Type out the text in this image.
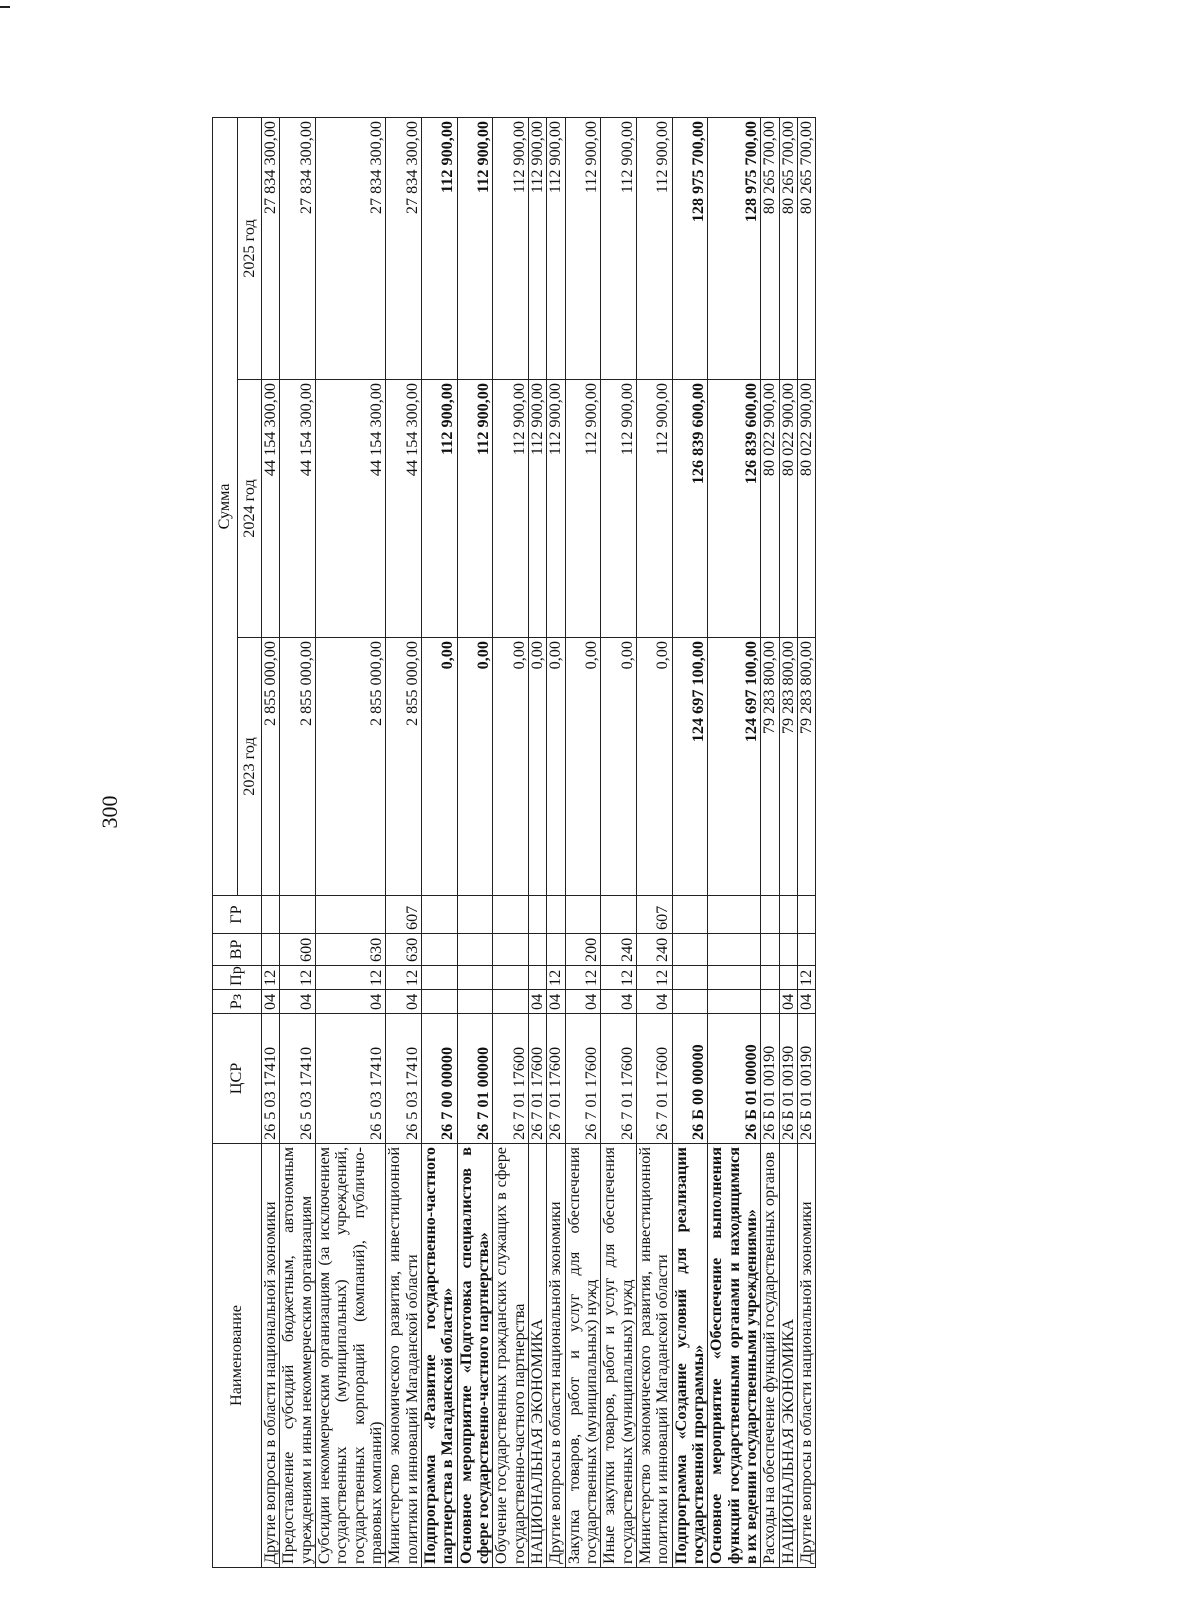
300
Наименование	ЦСР	Рз	Пр	ВР	ГР	Сумма		
						2023 год	2024 год	2025 год
Другие вопросы в области национальной экономики	26 5 03 17410	04	12			2 855 000,00	44 154 300,00	27 834 300,00
Предоставление субсидий бюджетным, автономным учреждениям и иным некоммерческим организациям	26 5 03 17410	04	12	600		2 855 000,00	44 154 300,00	27 834 300,00
Субсидии некоммерческим организациям (за исключением государственных (муниципальных) учреждений, государственных корпораций (компаний), публично-правовых компаний)	26 5 03 17410	04	12	630		2 855 000,00	44 154 300,00	27 834 300,00
Министерство экономического развития, инвестиционной политики и инноваций Магаданской области	26 5 03 17410	04	12	630	607	2 855 000,00	44 154 300,00	27 834 300,00
Подпрограмма «Развитие государственно-частного партнерства в Магаданской области»	26 7 00 00000					0,00	112 900,00	112 900,00
Основное мероприятие «Подготовка специалистов в сфере государственно-частного партнерства»	26 7 01 00000					0,00	112 900,00	112 900,00
Обучение государственных гражданских служащих в сфере государственно-частного партнерства	26 7 01 17600					0,00	112 900,00	112 900,00
НАЦИОНАЛЬНАЯ ЭКОНОМИКА	26 7 01 17600	04				0,00	112 900,00	112 900,00
Другие вопросы в области национальной экономики	26 7 01 17600	04	12			0,00	112 900,00	112 900,00
Закупка товаров, работ и услуг для обеспечения государственных (муниципальных) нужд	26 7 01 17600	04	12	200		0,00	112 900,00	112 900,00
Иные закупки товаров, работ и услуг для обеспечения государственных (муниципальных) нужд	26 7 01 17600	04	12	240		0,00	112 900,00	112 900,00
Министерство экономического развития, инвестиционной политики и инноваций Магаданской области	26 7 01 17600	04	12	240	607	0,00	112 900,00	112 900,00
Подпрограмма «Создание условий для реализации государственной программы»	26 Б 00 00000					124 697 100,00	126 839 600,00	128 975 700,00
Основное мероприятие «Обеспечение выполнения функций государственными органами и находящимися в их ведении государственными учреждениями»	26 Б 01 00000					124 697 100,00	126 839 600,00	128 975 700,00
Расходы на обеспечение функций государственных органов	26 Б 01 00190					79 283 800,00	80 022 900,00	80 265 700,00
НАЦИОНАЛЬНАЯ ЭКОНОМИКА	26 Б 01 00190	04				79 283 800,00	80 022 900,00	80 265 700,00
Другие вопросы в области национальной экономики	26 Б 01 00190	04	12			79 283 800,00	80 022 900,00	80 265 700,00
